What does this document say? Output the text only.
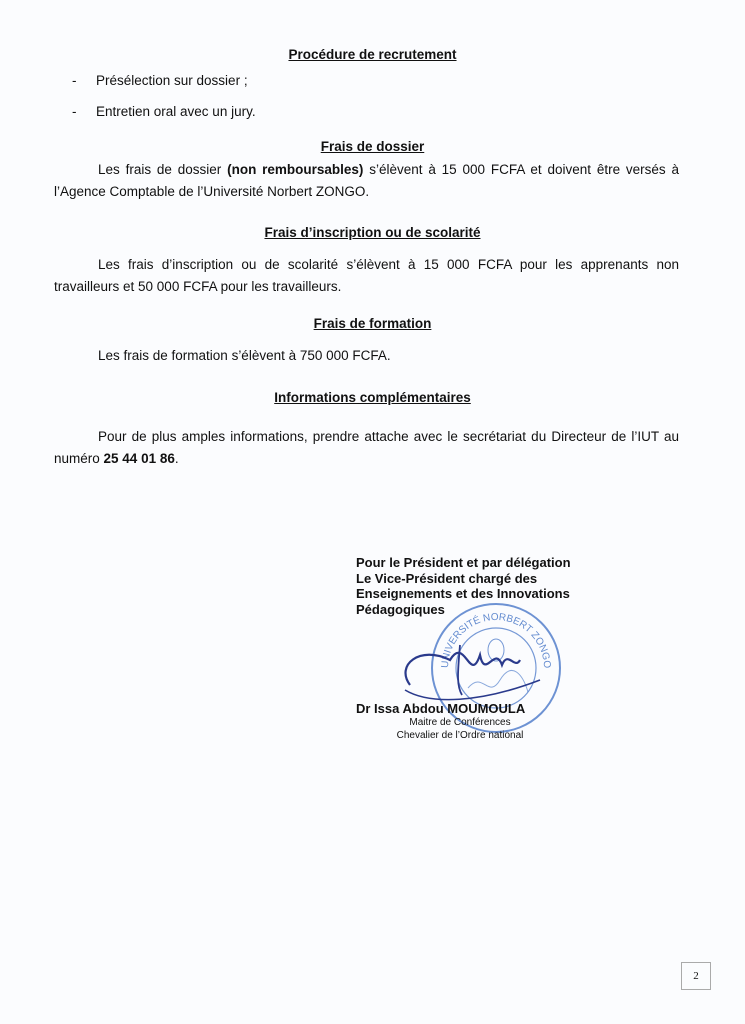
Procédure de recrutement
- Présélection sur dossier ;
- Entretien oral avec un jury.
Frais de dossier

Les frais de dossier (non remboursables) s’élèvent à 15 000 FCFA et doivent être versés à l’Agence Comptable de l’Université Norbert ZONGO.

Frais d’inscription ou de scolarité

Les frais d’inscription ou de scolarité s’élèvent à 15 000 FCFA pour les apprenants non travailleurs et 50 000 FCFA pour les travailleurs.

Frais de formation

Les frais de formation s’élèvent à 750 000 FCFA.

Informations complémentaires

Pour de plus amples informations, prendre attache avec le secrétariat du Directeur de l’IUT au numéro 25 44 01 86.

Pour le Président et par délégation
Le Vice-Président chargé des
Enseignements et des Innovations
Pédagogiques
UNIVERSITÉ NORBERT ZONGO
Dr Issa Abdou MOUMOULA
Maitre de Conférences
Chevalier de l’Ordre national
2
